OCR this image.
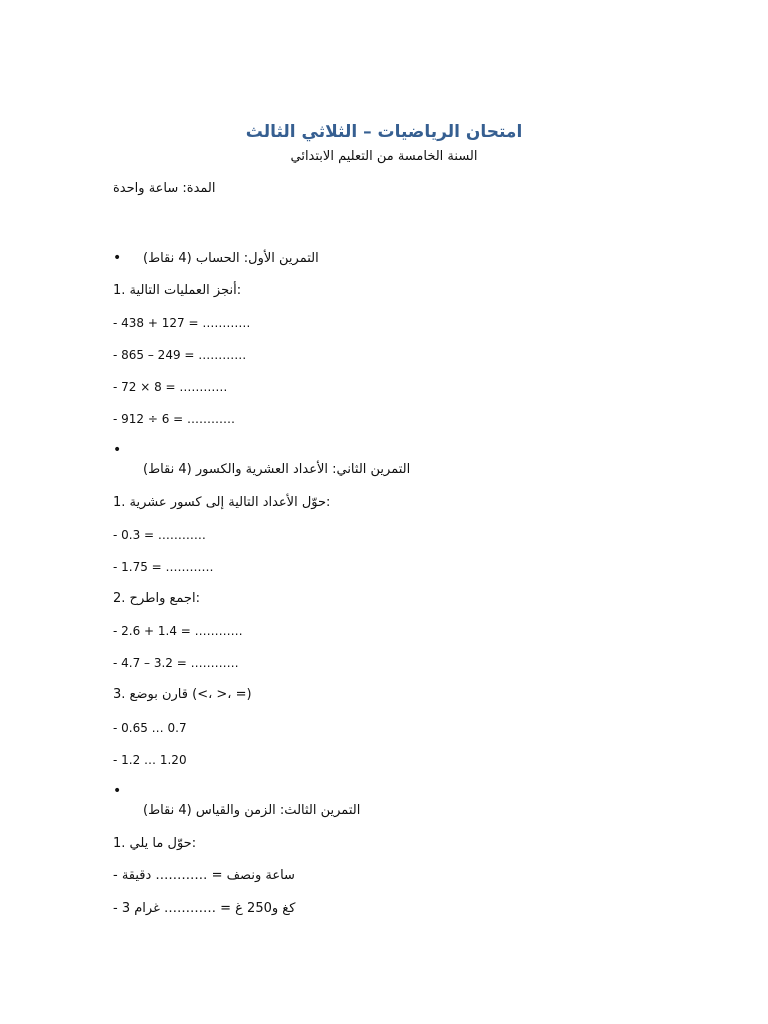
امتحان الرياضيات – الثلاثي الثالث
السنة الخامسة من التعليم الابتدائي
المدة: ساعة واحدة
• التمرين الأول: الحساب (4 نقاط)
1. أنجز العمليات التالية:
- 438 + 127 = …………
- 865 – 249 = …………
- 72 × 8 = …………
- 912 ÷ 6 = …………
•
التمرين الثاني: الأعداد العشرية والكسور (4 نقاط)
1. حوّل الأعداد التالية إلى كسور عشرية:
- 0.3 = …………
- 1.75 = …………
2. اجمع واطرح:
- 2.6 + 1.4 = …………
- 4.7 – 3.2 = …………
3. قارن بوضع (<، >، =)
- 0.65 … 0.7
- 1.2 … 1.20
•
التمرين الثالث: الزمن والقياس (4 نقاط)
1. حوّل ما يلي:
- ساعة ونصف = ………… دقيقة
- 3 كغ و250 غ = ………… غرام
